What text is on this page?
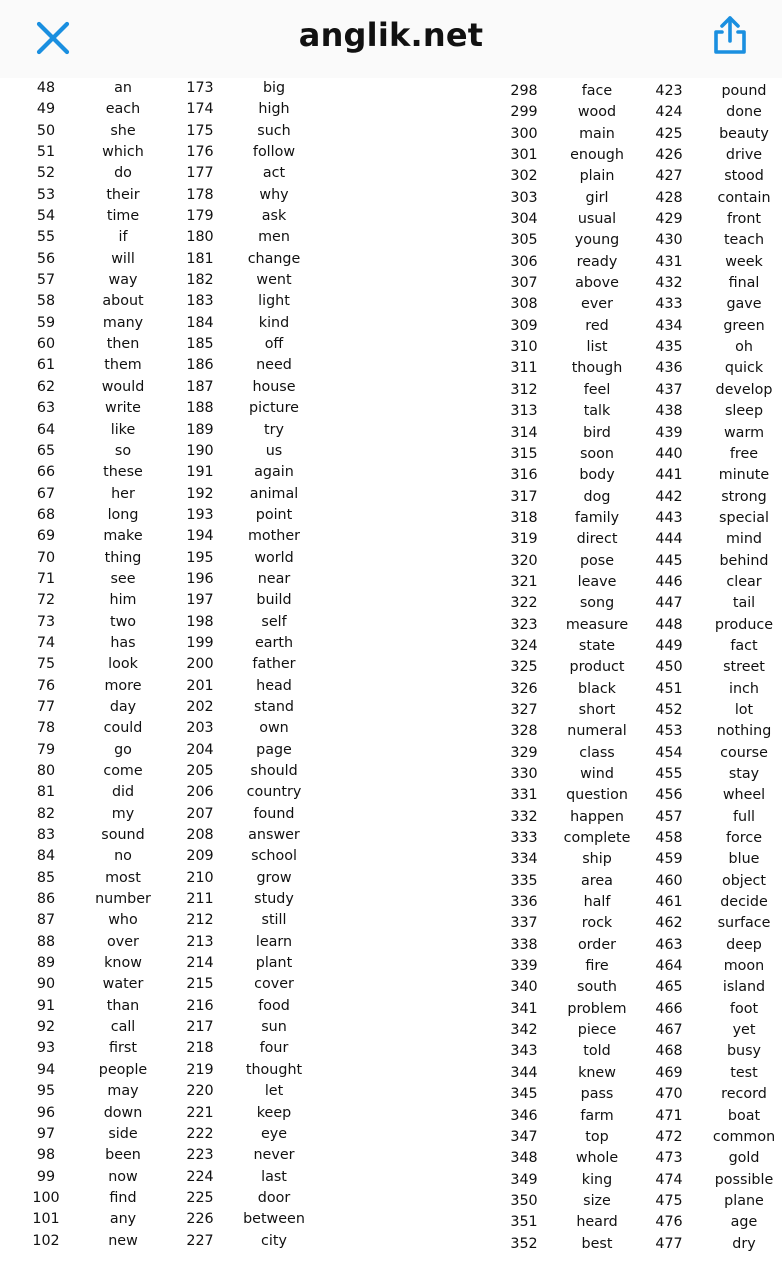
anglik.net
48	an	173	big
49	each	174	high
50	she	175	such
51	which	176	follow
52	do	177	act
53	their	178	why
54	time	179	ask
55	if	180	men
56	will	181	change
57	way	182	went
58	about	183	light
59	many	184	kind
60	then	185	off
61	them	186	need
62	would	187	house
63	write	188	picture
64	like	189	try
65	so	190	us
66	these	191	again
67	her	192	animal
68	long	193	point
69	make	194	mother
70	thing	195	world
71	see	196	near
72	him	197	build
73	two	198	self
74	has	199	earth
75	look	200	father
76	more	201	head
77	day	202	stand
78	could	203	own
79	go	204	page
80	come	205	should
81	did	206	country
82	my	207	found
83	sound	208	answer
84	no	209	school
85	most	210	grow
86	number	211	study
87	who	212	still
88	over	213	learn
89	know	214	plant
90	water	215	cover
91	than	216	food
92	call	217	sun
93	first	218	four
94	people	219	thought
95	may	220	let
96	down	221	keep
97	side	222	eye
98	been	223	never
99	now	224	last
100	find	225	door
101	any	226	between
102	new	227	city
298	face	423	pound
299	wood	424	done
300	main	425	beauty
301	enough	426	drive
302	plain	427	stood
303	girl	428	contain
304	usual	429	front
305	young	430	teach
306	ready	431	week
307	above	432	final
308	ever	433	gave
309	red	434	green
310	list	435	oh
311	though	436	quick
312	feel	437	develop
313	talk	438	sleep
314	bird	439	warm
315	soon	440	free
316	body	441	minute
317	dog	442	strong
318	family	443	special
319	direct	444	mind
320	pose	445	behind
321	leave	446	clear
322	song	447	tail
323	measure	448	produce
324	state	449	fact
325	product	450	street
326	black	451	inch
327	short	452	lot
328	numeral	453	nothing
329	class	454	course
330	wind	455	stay
331	question	456	wheel
332	happen	457	full
333	complete	458	force
334	ship	459	blue
335	area	460	object
336	half	461	decide
337	rock	462	surface
338	order	463	deep
339	fire	464	moon
340	south	465	island
341	problem	466	foot
342	piece	467	yet
343	told	468	busy
344	knew	469	test
345	pass	470	record
346	farm	471	boat
347	top	472	common
348	whole	473	gold
349	king	474	possible
350	size	475	plane
351	heard	476	age
352	best	477	dry
